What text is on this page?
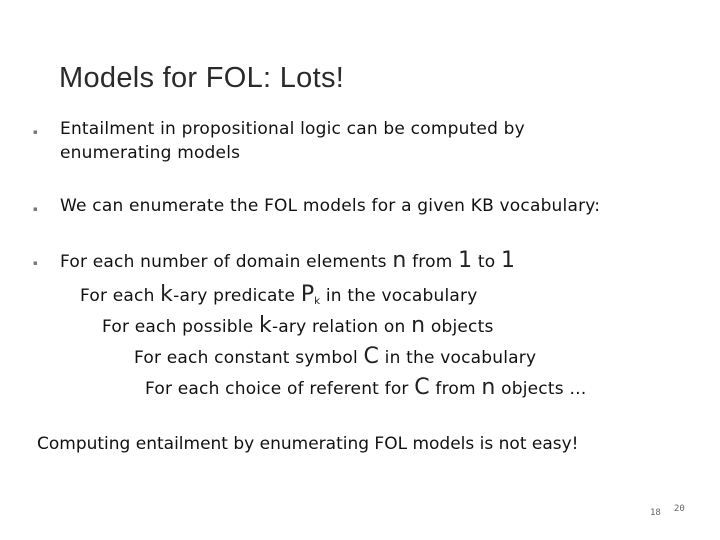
Models for FOL: Lots!
▪ Entailment in propositional logic can be computed by
enumerating models
▪ We can enumerate the FOL models for a given KB vocabulary:
▪ For each number of domain elements n from 1 to 1
For each k-ary predicate $P_k$ in the vocabulary
For each possible k-ary relation on n objects
For each constant symbol C in the vocabulary
For each choice of referent for C from n objects …
Computing entailment by enumerating FOL models is not easy!
18 20
